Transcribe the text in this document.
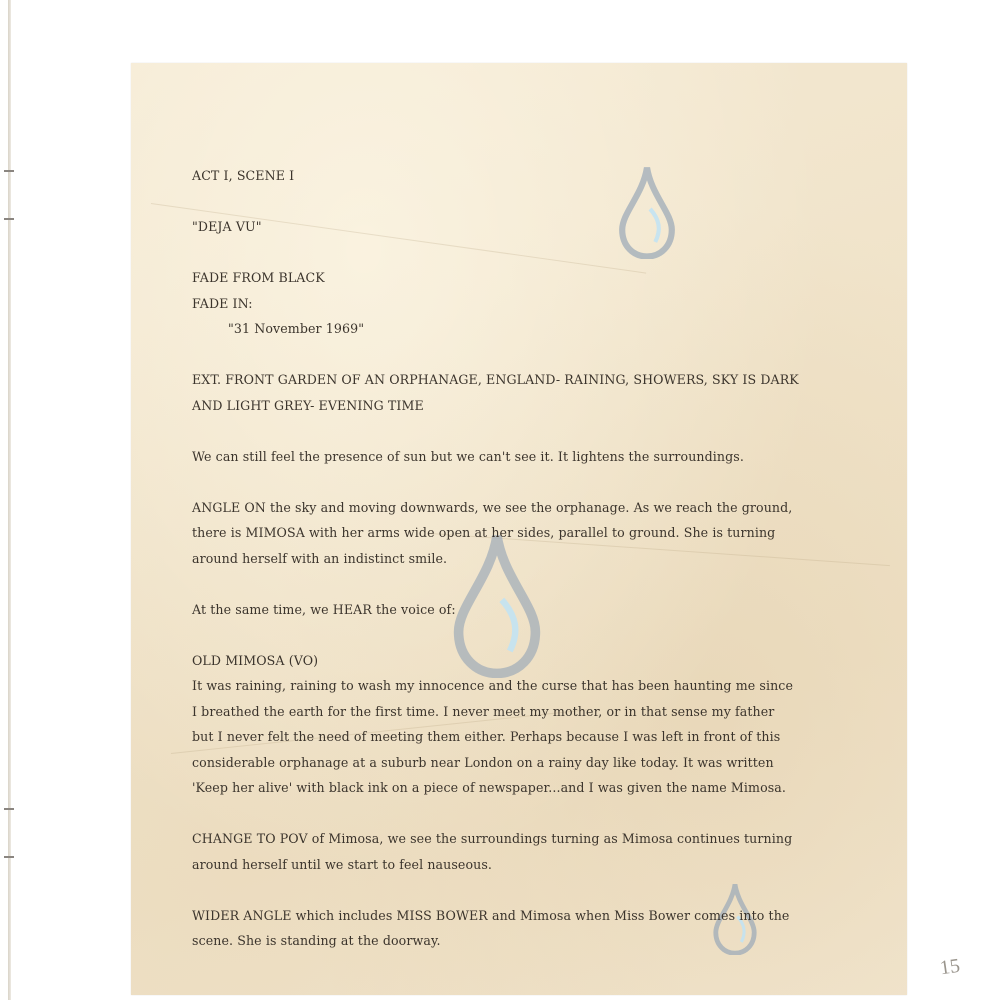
ACT I, SCENE I

"DEJA VU"

FADE FROM BLACK

FADE IN:

"31 November 1969"

EXT. FRONT GARDEN OF AN ORPHANAGE, ENGLAND- RAINING, SHOWERS, SKY IS DARK

AND LIGHT GREY- EVENING TIME

We can still feel the presence of sun but we can't see it. It lightens the surroundings.

ANGLE ON the sky and moving downwards, we see the orphanage. As we reach the ground,

there is MIMOSA with her arms wide open at her sides, parallel to ground. She is turning

around herself with an indistinct smile.

At the same time, we HEAR the voice of:

OLD MIMOSA (VO)

It was raining, raining to wash my innocence and the curse that has been haunting me since

I breathed the earth for the first time. I never meet my mother, or in that sense my father

but I never felt the need of meeting them either. Perhaps because I was left in front of this

considerable orphanage at a suburb near London on a rainy day like today. It was written

'Keep her alive' with black ink on a piece of newspaper...and I was given the name Mimosa.

CHANGE TO POV of Mimosa, we see the surroundings turning as Mimosa continues turning

around herself until we start to feel nauseous.

WIDER ANGLE which includes MISS BOWER and Mimosa when Miss Bower comes into the

scene. She is standing at the doorway.

15
